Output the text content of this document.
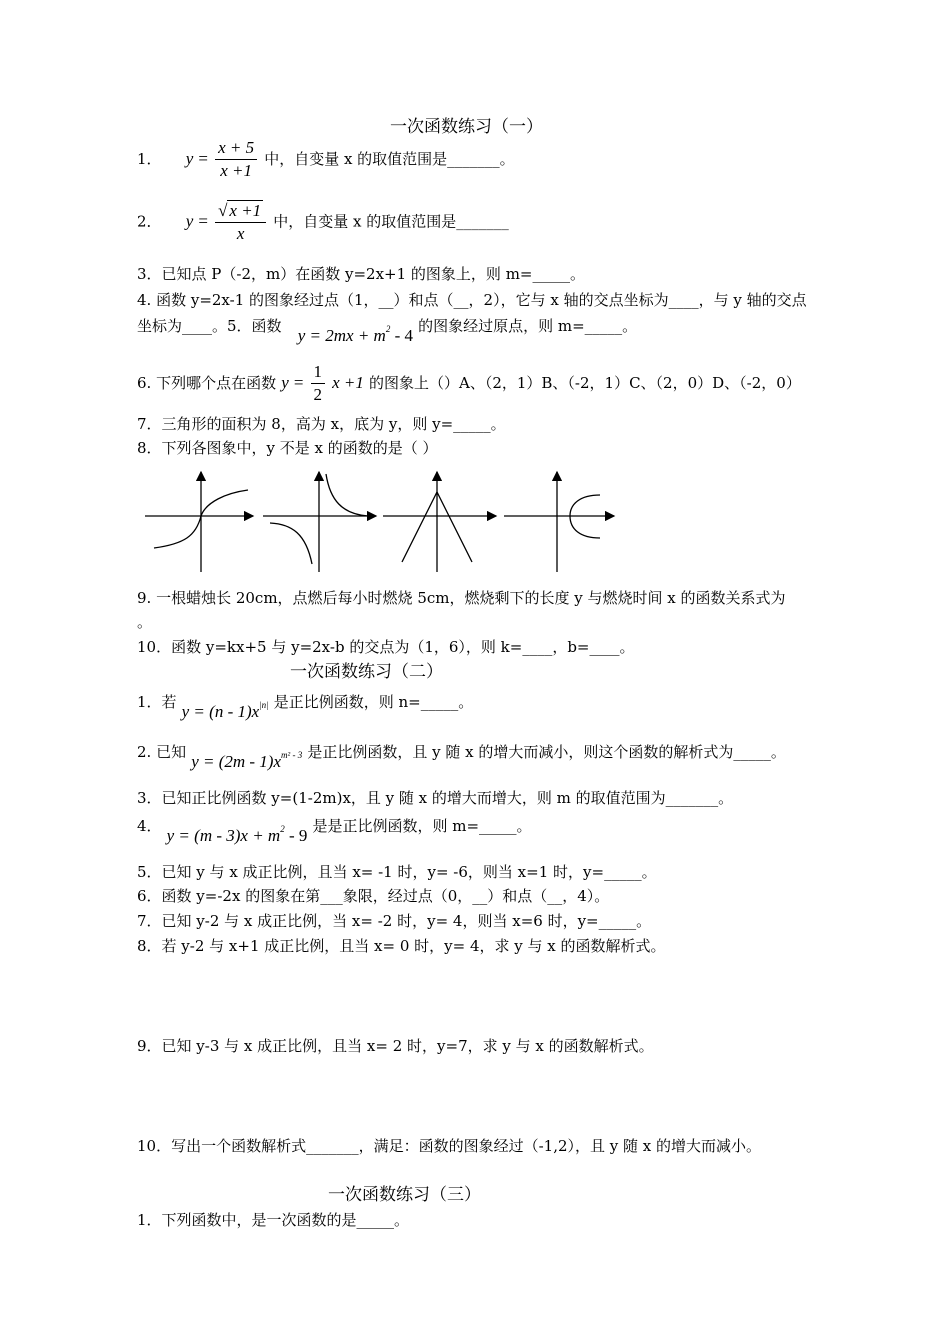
一次函数练习（一）
1． $y = \frac{x + 5}{x +1}$ 中，自变量 x 的取值范围是_______。
2． $y = \frac{√ x +1}{x}$ 中，自变量 x 的取值范围是_______
3．已知点 P（-2，m）在函数 y=2x+1 的图象上，则 m=_____。
4. 函数 y=2x-1 的图象经过点（1，__）和点（__，2），它与 x 轴的交点坐标为____，与 y 轴的交点
坐标为____。5．函数 $y = 2mx + m^2 - 4$ 的图象经过原点，则 m=_____。
6. 下列哪个点在函数 $y = \frac{1}{2}$ x +1 的图象上（）A、（2，1）B、（-2，1）C、（2，0）D、（-2，0）
7．三角形的面积为 8，高为 x，底为 y，则 y=_____。
8．下列各图象中，y 不是 x 的函数的是（ ）
9. 一根蜡烛长 20cm，点燃后每小时燃烧 5cm，燃烧剩下的长度 y 与燃烧时间 x 的函数关系式为
。
10．函数 y=kx+5 与 y=2x-b 的交点为（1，6），则 k=____，b=____。
一次函数练习（二）
1．若 $y = (n - 1)x^{|n|}$ 是正比例函数，则 n=_____。
2. 已知 $y = (2m - 1)x^{m^2 - 3}$ 是正比例函数，且 y 随 x 的增大而减小，则这个函数的解析式为_____。
3．已知正比例函数 y=(1-2m)x，且 y 随 x 的增大而增大，则 m 的取值范围为_______。
4． $y = (m - 3)x + m^2 - 9$ 是是正比例函数，则 m=_____。
5．已知 y 与 x 成正比例，且当 x= -1 时，y= -6，则当 x=1 时，y=_____。
6．函数 y=-2x 的图象在第___象限，经过点（0，__）和点（__，4）。
7．已知 y-2 与 x 成正比例，当 x= -2 时，y= 4，则当 x=6 时，y=_____。
8．若 y-2 与 x+1 成正比例，且当 x= 0 时，y= 4，求 y 与 x 的函数解析式。
9．已知 y-3 与 x 成正比例，且当 x= 2 时，y=7，求 y 与 x 的函数解析式。
10．写出一个函数解析式_______，满足：函数的图象经过（-1,2），且 y 随 x 的增大而减小。
一次函数练习（三）
1．下列函数中，是一次函数的是_____。
